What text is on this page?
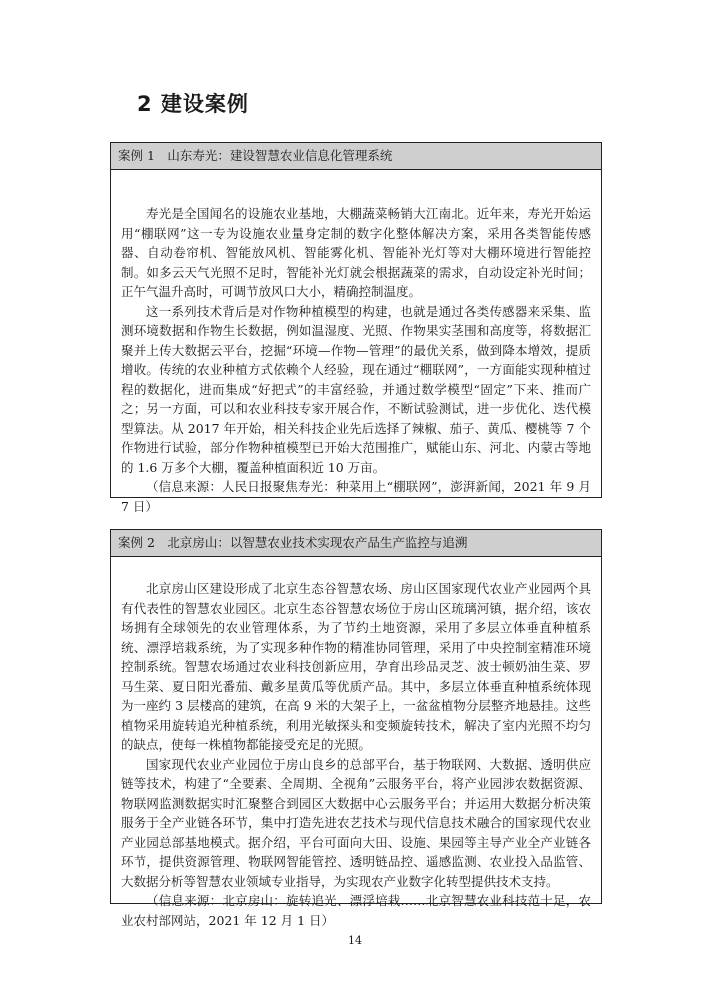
2 建设案例
案例 1　山东寿光：建设智慧农业信息化管理系统

寿光是全国闻名的设施农业基地，大棚蔬菜畅销大江南北。近年来，寿光开始运用“棚联网”这一专为设施农业量身定制的数字化整体解决方案，采用各类智能传感器、自动卷帘机、智能放风机、智能雾化机、智能补光灯等对大棚环境进行智能控制。如多云天气光照不足时，智能补光灯就会根据蔬菜的需求，自动设定补光时间；正午气温升高时，可调节放风口大小，精确控制温度。

这一系列技术背后是对作物种植模型的构建，也就是通过各类传感器来采集、监测环境数据和作物生长数据，例如温湿度、光照、作物果实茎围和高度等，将数据汇聚并上传大数据云平台，挖掘“环境—作物—管理”的最优关系，做到降本增效，提质增收。传统的农业种植方式依赖个人经验，现在通过“棚联网”，一方面能实现种植过程的数据化，进而集成“好把式”的丰富经验，并通过数学模型“固定”下来、推而广之；另一方面，可以和农业科技专家开展合作，不断试验测试，进一步优化、迭代模型算法。从 2017 年开始，相关科技企业先后选择了辣椒、茄子、黄瓜、樱桃等 7 个作物进行试验，部分作物种植模型已开始大范围推广，赋能山东、河北、内蒙古等地的 1.6 万多个大棚，覆盖种植面积近 10 万亩。

（信息来源：人民日报聚焦寿光：种菜用上“棚联网”，澎湃新闻，2021 年 9 月 7 日）

案例 2　北京房山：以智慧农业技术实现农产品生产监控与追溯

北京房山区建设形成了北京生态谷智慧农场、房山区国家现代农业产业园两个具有代表性的智慧农业园区。北京生态谷智慧农场位于房山区琉璃河镇，据介绍，该农场拥有全球领先的农业管理体系，为了节约土地资源，采用了多层立体垂直种植系统、漂浮培栽系统，为了实现多种作物的精准协同管理，采用了中央控制室精准环境控制系统。智慧农场通过农业科技创新应用，孕育出珍品灵芝、波士顿奶油生菜、罗马生菜、夏日阳光番茄、戴多星黄瓜等优质产品。其中，多层立体垂直种植系统体现为一座约 3 层楼高的建筑，在高 9 米的大架子上，一盆盆植物分层整齐地悬挂。这些植物采用旋转追光种植系统，利用光敏探头和变频旋转技术，解决了室内光照不均匀的缺点，使每一株植物都能接受充足的光照。

国家现代农业产业园位于房山良乡的总部平台，基于物联网、大数据、透明供应链等技术，构建了“全要素、全周期、全视角”云服务平台，将产业园涉农数据资源、物联网监测数据实时汇聚整合到园区大数据中心云服务平台；并运用大数据分析决策服务于全产业链各环节，集中打造先进农艺技术与现代信息技术融合的国家现代农业产业园总部基地模式。据介绍，平台可面向大田、设施、果园等主导产业全产业链各环节，提供资源管理、物联网智能管控、透明链品控、遥感监测、农业投入品监管、大数据分析等智慧农业领域专业指导，为实现农产业数字化转型提供技术支持。

（信息来源：北京房山：旋转追光、漂浮培栽……北京智慧农业科技范十足，农业农村部网站，2021 年 12 月 1 日）

14
